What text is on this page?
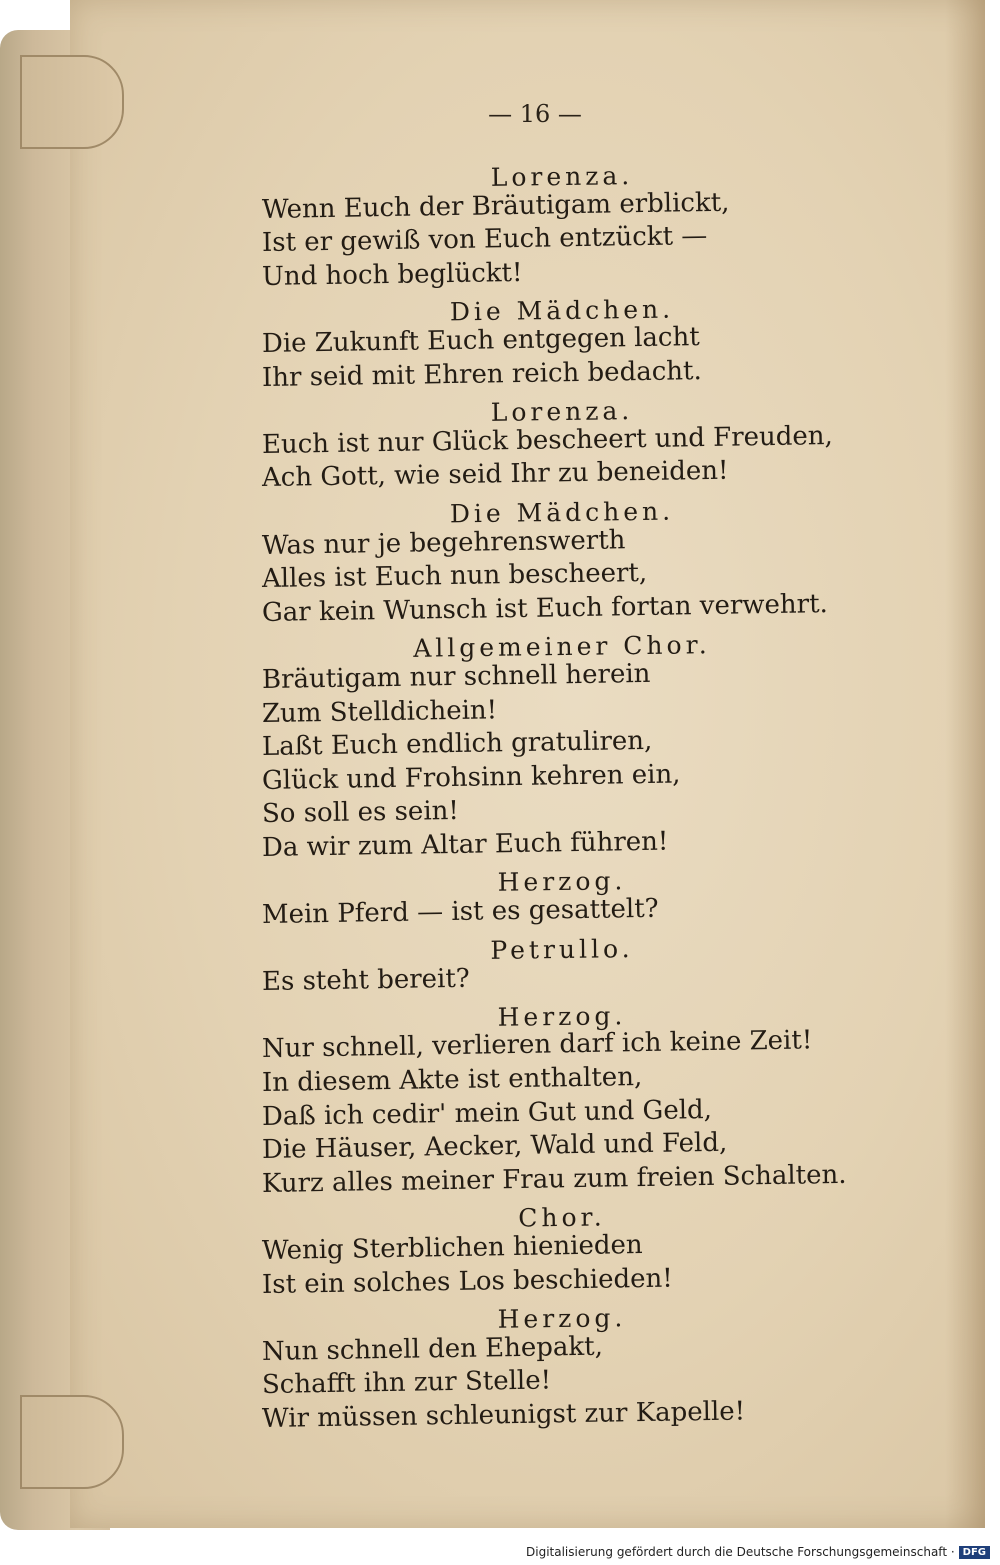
— 16 —
Lorenza.
Wenn Euch der Bräutigam erblickt,
Ist er gewiß von Euch entzückt —
Und hoch beglückt!
Die Mädchen.
Die Zukunft Euch entgegen lacht
Ihr seid mit Ehren reich bedacht.
Lorenza.
Euch ist nur Glück bescheert und Freuden,
Ach Gott, wie seid Ihr zu beneiden!
Die Mädchen.
Was nur je begehrenswerth
Alles ist Euch nun bescheert,
Gar kein Wunsch ist Euch fortan verwehrt.
Allgemeiner Chor.
Bräutigam nur schnell herein
Zum Stelldichein!
Laßt Euch endlich gratuliren,
Glück und Frohsinn kehren ein,
So soll es sein!
Da wir zum Altar Euch führen!
Herzog.
Mein Pferd — ist es gesattelt?
Petrullo.
Es steht bereit?
Herzog.
Nur schnell, verlieren darf ich keine Zeit!
In diesem Akte ist enthalten,
Daß ich cedir' mein Gut und Geld,
Die Häuser, Aecker, Wald und Feld,
Kurz alles meiner Frau zum freien Schalten.
Chor.
Wenig Sterblichen hienieden
Ist ein solches Los beschieden!
Herzog.
Nun schnell den Ehepakt,
Schafft ihn zur Stelle!
Wir müssen schleunigst zur Kapelle!
Digitalisierung gefördert durch die Deutsche Forschungsgemeinschaft · DFG
